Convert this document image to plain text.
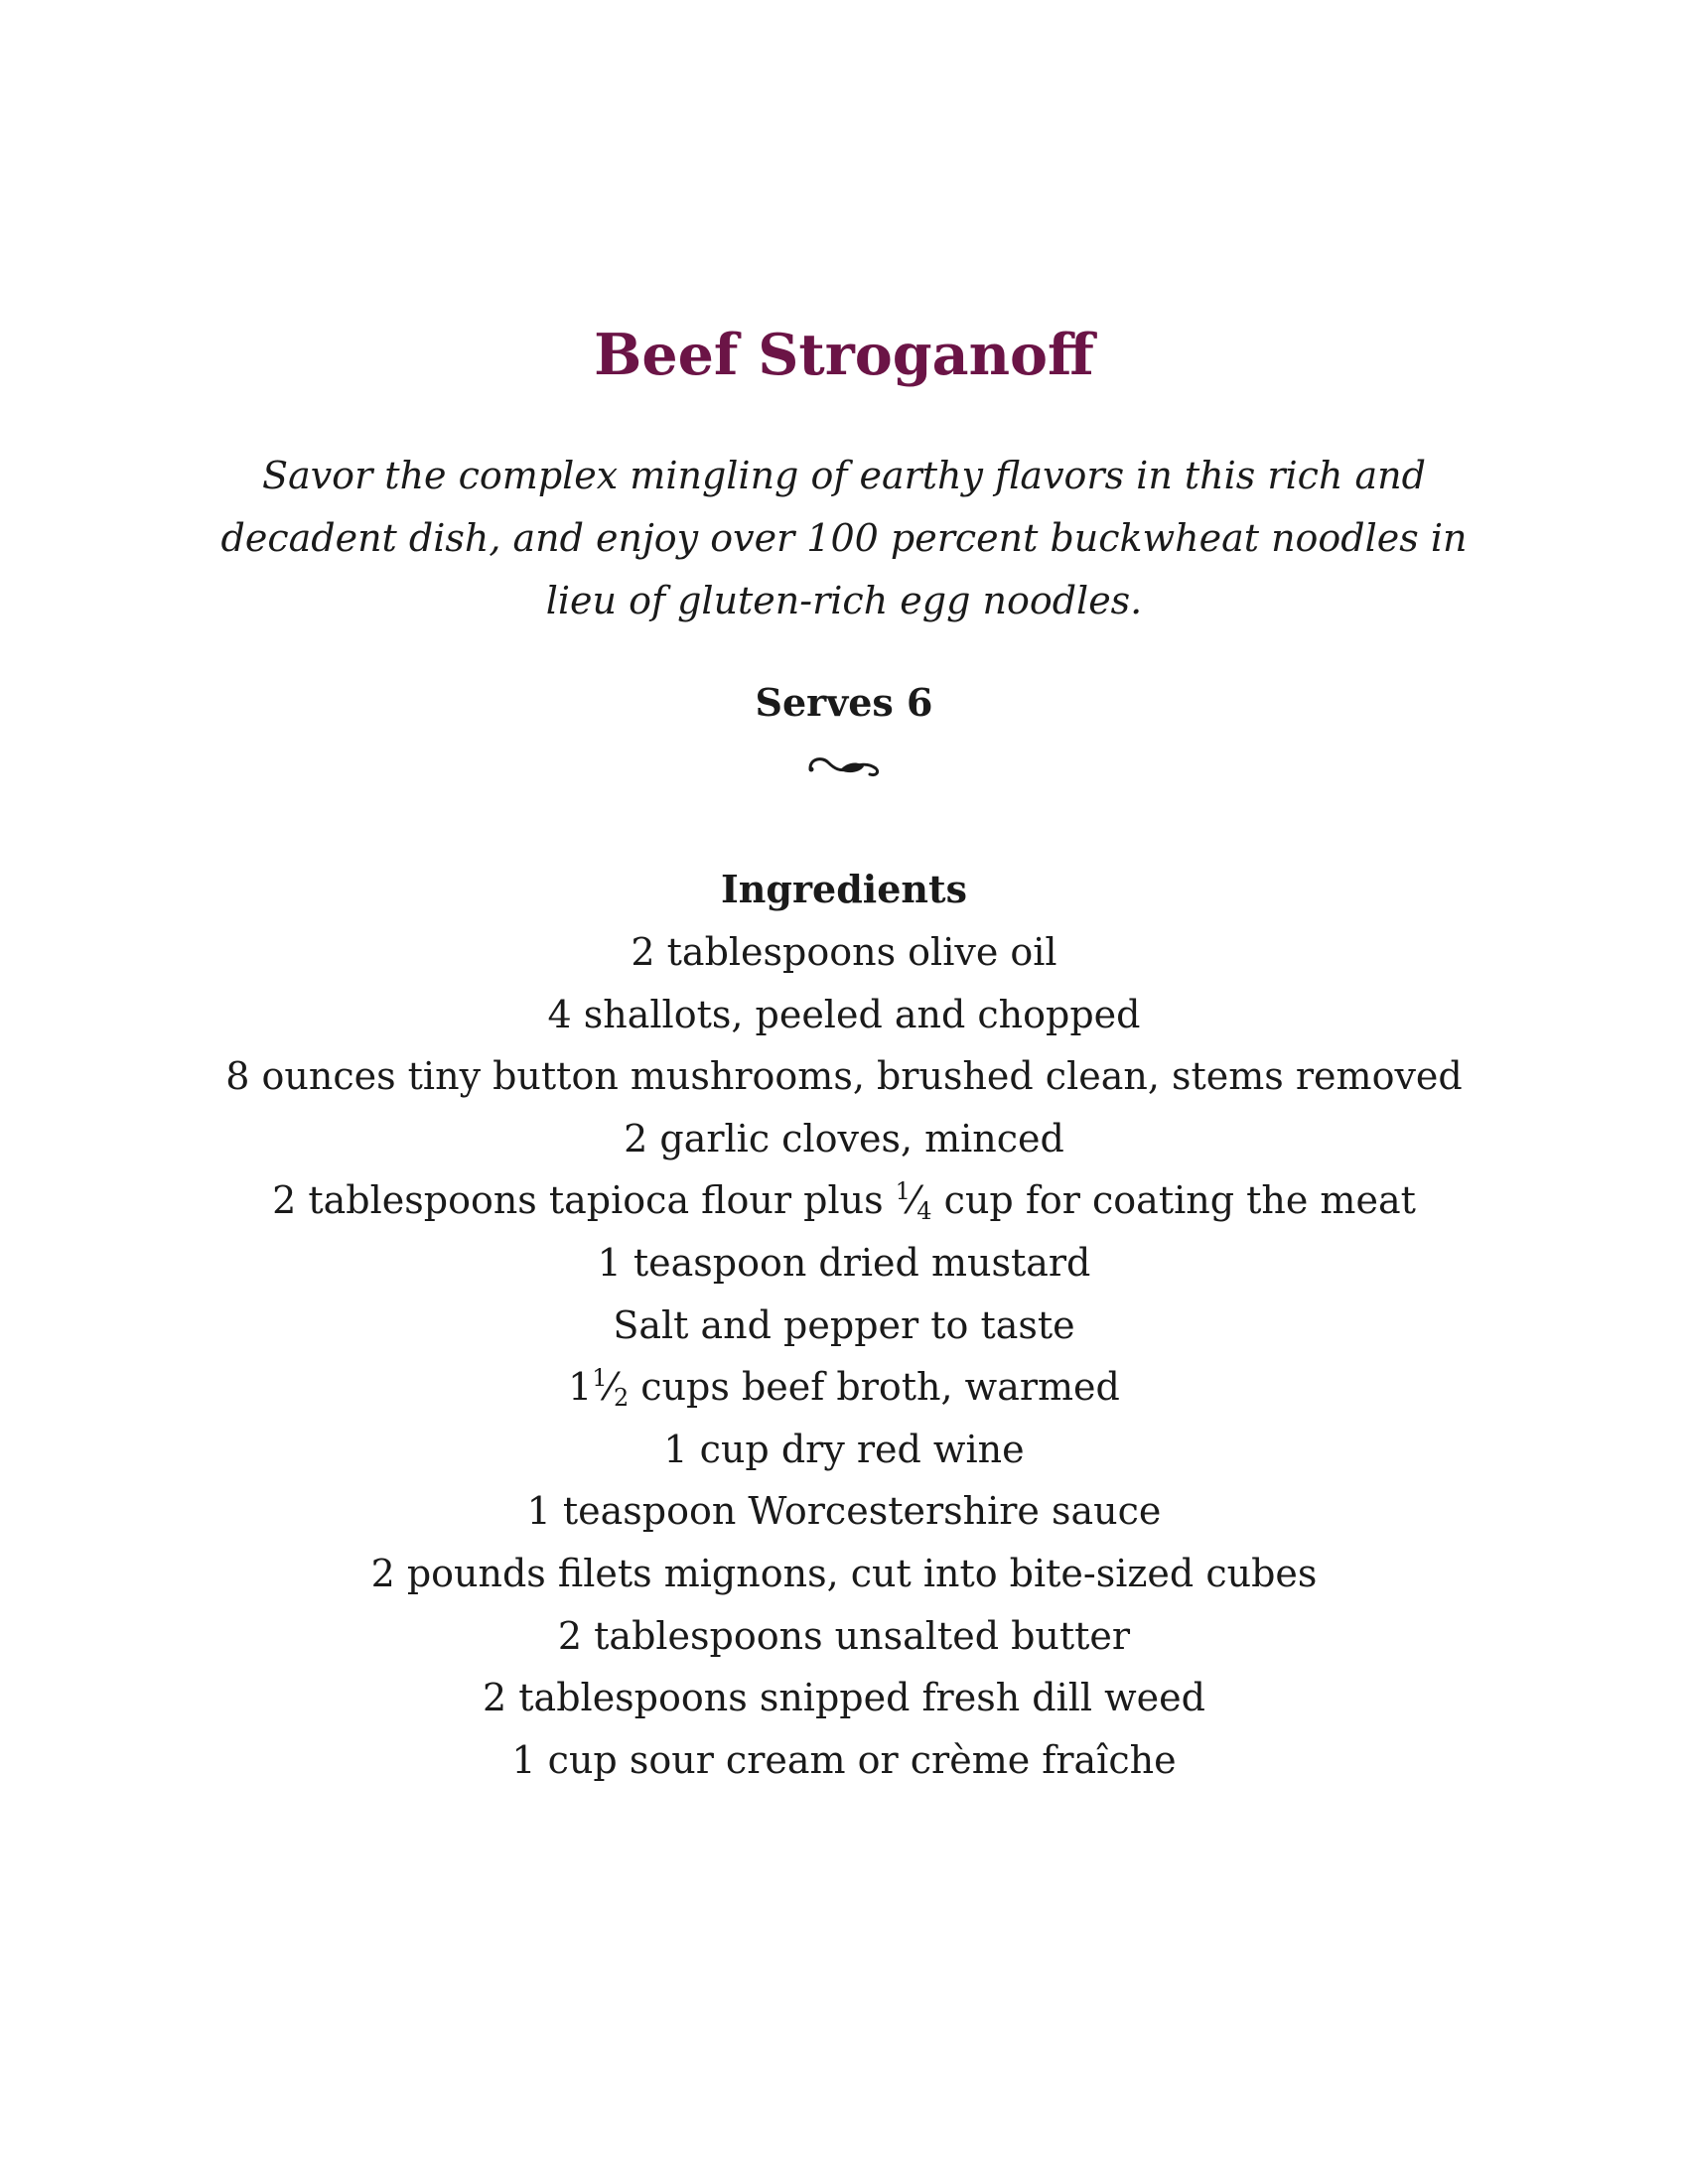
Beef Stroganoff

Savor the complex mingling of earthy flavors in this rich and decadent dish, and enjoy over 100 percent buckwheat noodles in lieu of gluten-rich egg noodles.

Serves 6

Ingredients

2 tablespoons olive oil
4 shallots, peeled and chopped
8 ounces tiny button mushrooms, brushed clean, stems removed
2 garlic cloves, minced
2 tablespoons tapioca flour plus $^1⁄_4$ cup for coating the meat
1 teaspoon dried mustard
Salt and pepper to taste
$1^1⁄_2$ cups beef broth, warmed
1 cup dry red wine
1 teaspoon Worcestershire sauce
2 pounds filets mignons, cut into bite-sized cubes
2 tablespoons unsalted butter
2 tablespoons snipped fresh dill weed
1 cup sour cream or crème fraîche
